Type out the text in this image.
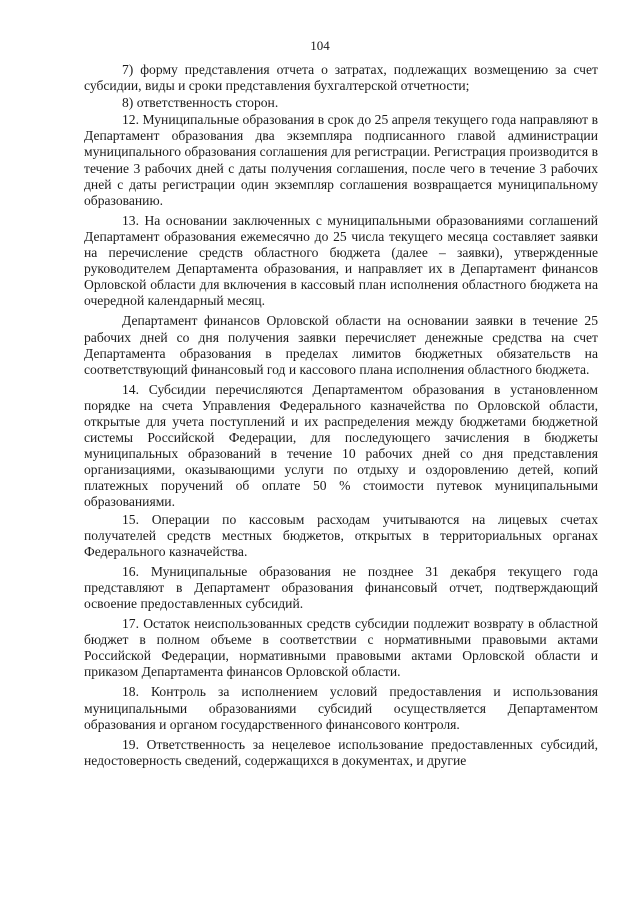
104

7) форму представления отчета о затратах, подлежащих возмещению за счет субсидии, виды и сроки представления бухгалтерской отчетности;

8) ответственность сторон.

12. Муниципальные образования в срок до 25 апреля текущего года направляют в Департамент образования два экземпляра подписанного главой администрации муниципального образования соглашения для регистрации. Регистрация производится в течение 3 рабочих дней с даты получения соглашения, после чего в течение 3 рабочих дней с даты регистрации один экземпляр соглашения возвращается муниципальному образованию.

13. На основании заключенных с муниципальными образованиями соглашений Департамент образования ежемесячно до 25 числа текущего месяца составляет заявки на перечисление средств областного бюджета (далее – заявки), утвержденные руководителем Департамента образования, и направляет их в Департамент финансов Орловской области для включения в кассовый план исполнения областного бюджета на очередной календарный месяц.

Департамент финансов Орловской области на основании заявки в течение 25 рабочих дней со дня получения заявки перечисляет денежные средства на счет Департамента образования в пределах лимитов бюджетных обязательств на соответствующий финансовый год и кассового плана исполнения областного бюджета.

14. Субсидии перечисляются Департаментом образования в установленном порядке на счета Управления Федерального казначейства по Орловской области, открытые для учета поступлений и их распределения между бюджетами бюджетной системы Российской Федерации, для последующего зачисления в бюджеты муниципальных образований в течение 10 рабочих дней со дня представления организациями, оказывающими услуги по отдыху и оздоровлению детей, копий платежных поручений об оплате 50 % стоимости путевок муниципальными образованиями.

15. Операции по кассовым расходам учитываются на лицевых счетах получателей средств местных бюджетов, открытых в территориальных органах Федерального казначейства.

16. Муниципальные образования не позднее 31 декабря текущего года представляют в Департамент образования финансовый отчет, подтверждающий освоение предоставленных субсидий.

17. Остаток неиспользованных средств субсидии подлежит возврату в областной бюджет в полном объеме в соответствии с нормативными правовыми актами Российской Федерации, нормативными правовыми актами Орловской области и приказом Департамента финансов Орловской области.

18. Контроль за исполнением условий предоставления и использования муниципальными образованиями субсидий осуществляется Департаментом образования и органом государственного финансового контроля.

19. Ответственность за нецелевое использование предоставленных субсидий, недостоверность сведений, содержащихся в документах, и другие
